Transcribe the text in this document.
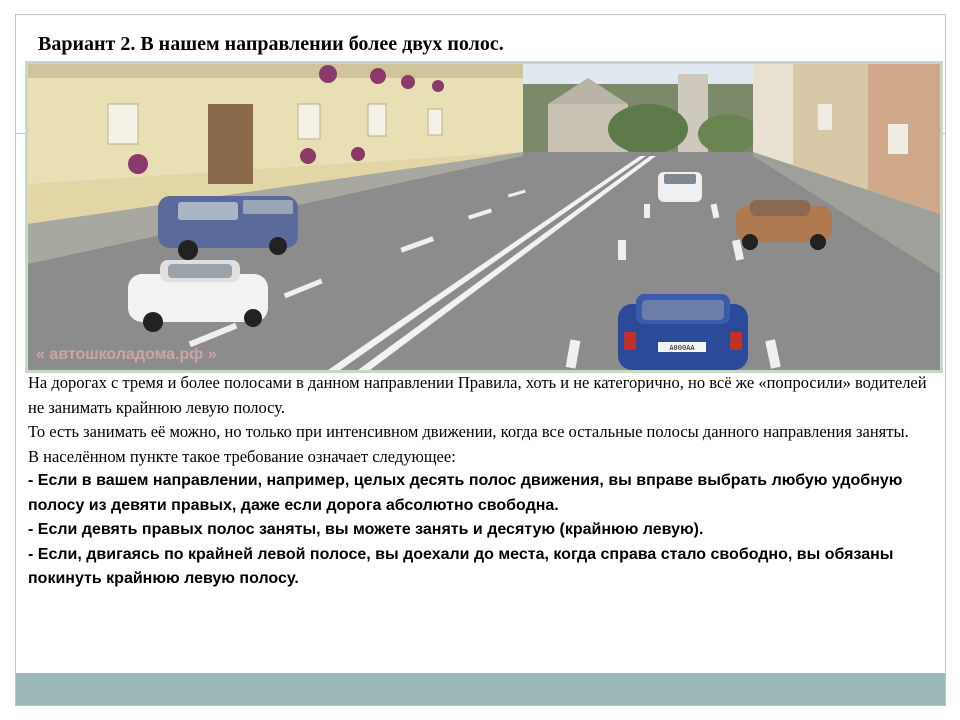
Вариант 2. В нашем направлении более двух полос.
А000АА
« автошколадома.рф »

На дорогах с тремя и более полосами в данном направлении Правила, хоть и не категорично, но всё же «попросили» водителей не занимать крайнюю левую полосу.

То есть занимать её можно, но только при интенсивном движении, когда все остальные полосы данного направления заняты.

В населённом пункте такое требование означает следующее:

- Если в вашем направлении, например, целых десять полос движения, вы вправе выбрать любую удобную полосу из девяти правых, даже если дорога абсолютно свободна.

- Если девять правых полос заняты, вы можете занять и десятую (крайнюю левую).

- Если, двигаясь по крайней левой полосе, вы доехали до места, когда справа стало свободно, вы обязаны покинуть крайнюю левую полосу.
